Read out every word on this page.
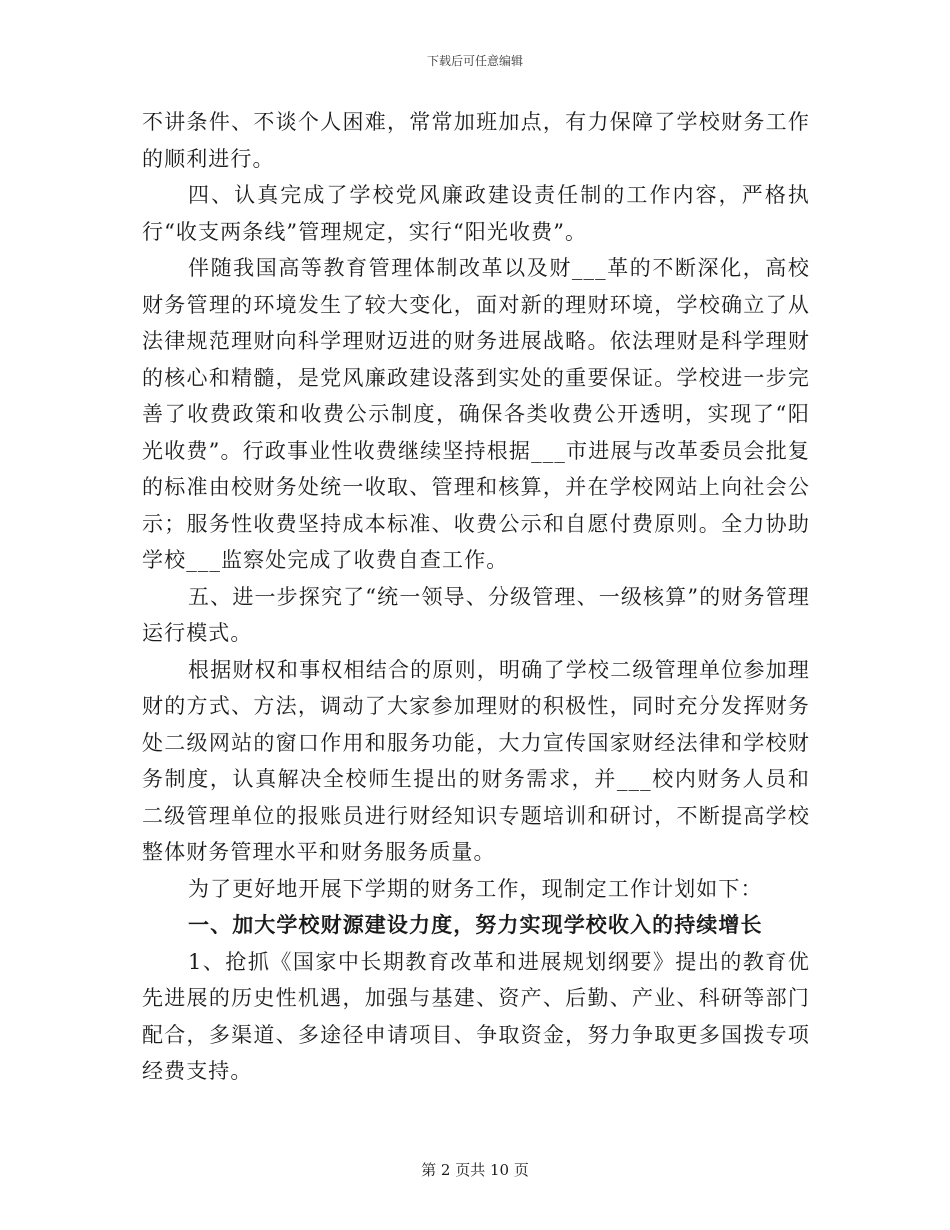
下载后可任意编辑

不讲条件、不谈个人困难，常常加班加点，有力保障了学校财务工作的顺利进行。

四、认真完成了学校党风廉政建设责任制的工作内容，严格执行“收支两条线”管理规定，实行“阳光收费”。

伴随我国高等教育管理体制改革以及财___革的不断深化，高校财务管理的环境发生了较大变化，面对新的理财环境，学校确立了从法律规范理财向科学理财迈进的财务进展战略。依法理财是科学理财的核心和精髓，是党风廉政建设落到实处的重要保证。学校进一步完善了收费政策和收费公示制度，确保各类收费公开透明，实现了“阳光收费”。行政事业性收费继续坚持根据___市进展与改革委员会批复的标准由校财务处统一收取、管理和核算，并在学校网站上向社会公示；服务性收费坚持成本标准、收费公示和自愿付费原则。全力协助学校___监察处完成了收费自查工作。

五、进一步探究了“统一领导、分级管理、一级核算”的财务管理运行模式。

根据财权和事权相结合的原则，明确了学校二级管理单位参加理财的方式、方法，调动了大家参加理财的积极性，同时充分发挥财务处二级网站的窗口作用和服务功能，大力宣传国家财经法律和学校财务制度，认真解决全校师生提出的财务需求，并___校内财务人员和二级管理单位的报账员进行财经知识专题培训和研讨，不断提高学校整体财务管理水平和财务服务质量。

为了更好地开展下学期的财务工作，现制定工作计划如下：

一、加大学校财源建设力度，努力实现学校收入的持续增长

1、抢抓《国家中长期教育改革和进展规划纲要》提出的教育优先进展的历史性机遇，加强与基建、资产、后勤、产业、科研等部门配合，多渠道、多途径申请项目、争取资金，努力争取更多国拨专项经费支持。

第 2 页共 10 页
